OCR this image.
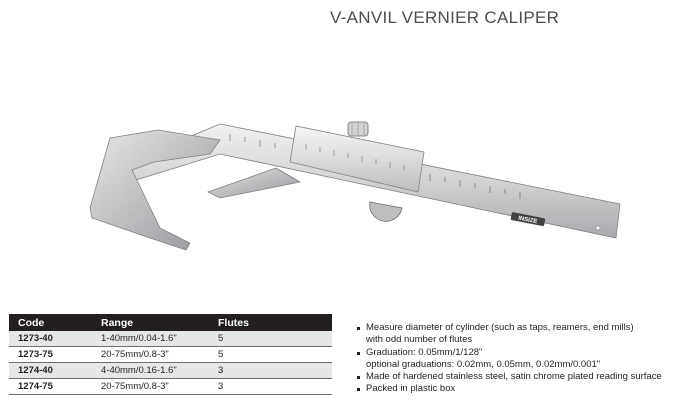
V-ANVIL VERNIER CALIPER
INSIZE
Code	Range	Flutes
1273-40	1-40mm/0.04-1.6"	5
1273-75	20-75mm/0.8-3"	5
1274-40	4-40mm/0.16-1.6"	3
1274-75	20-75mm/0.8-3"	3
Measure diameter of cylinder (such as taps, reamers, end mills)
with odd number of flutes
Graduation: 0.05mm/1/128"
optional graduations: 0.02mm, 0.05mm, 0.02mm/0.001"
Made of hardened stainless steel, satin chrome plated reading surface
Packed in plastic box
